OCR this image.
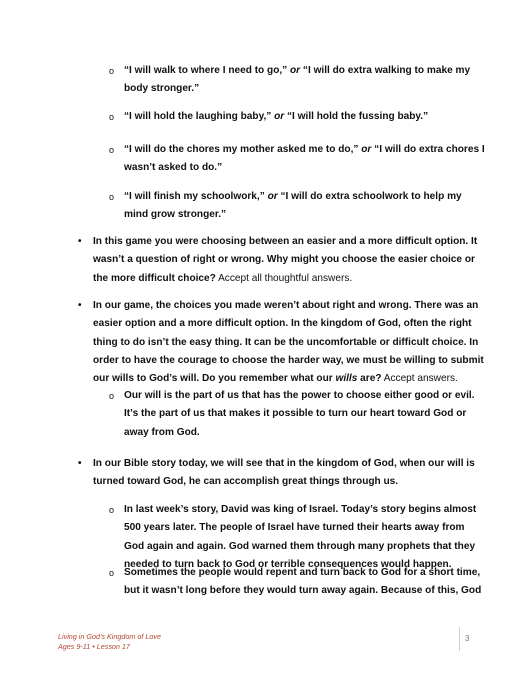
o “I will walk to where I need to go,” or “I will do extra walking to make my
body stronger.”
o “I will hold the laughing baby,” or “I will hold the fussing baby.”
o “I will do the chores my mother asked me to do,” or “I will do extra chores I
wasn’t asked to do.”
o “I will finish my schoolwork,” or “I will do extra schoolwork to help my
mind grow stronger.”
• In this game you were choosing between an easier and a more difficult option. It
wasn’t a question of right or wrong. Why might you choose the easier choice or
the more difficult choice? Accept all thoughtful answers.
• In our game, the choices you made weren’t about right and wrong. There was an
easier option and a more difficult option. In the kingdom of God, often the right
thing to do isn’t the easy thing. It can be the uncomfortable or difficult choice. In
order to have the courage to choose the harder way, we must be willing to submit
our wills to God’s will. Do you remember what our wills are? Accept answers.
o Our will is the part of us that has the power to choose either good or evil.
It’s the part of us that makes it possible to turn our heart toward God or
away from God.
• In our Bible story today, we will see that in the kingdom of God, when our will is
turned toward God, he can accomplish great things through us.
o In last week’s story, David was king of Israel. Today’s story begins almost
500 years later. The people of Israel have turned their hearts away from
God again and again. God warned them through many prophets that they
needed to turn back to God or terrible consequences would happen.
o Sometimes the people would repent and turn back to God for a short time,
but it wasn’t long before they would turn away again. Because of this, God
Living in God’s Kingdom of Love
Ages 9-11 • Lesson 17
3
